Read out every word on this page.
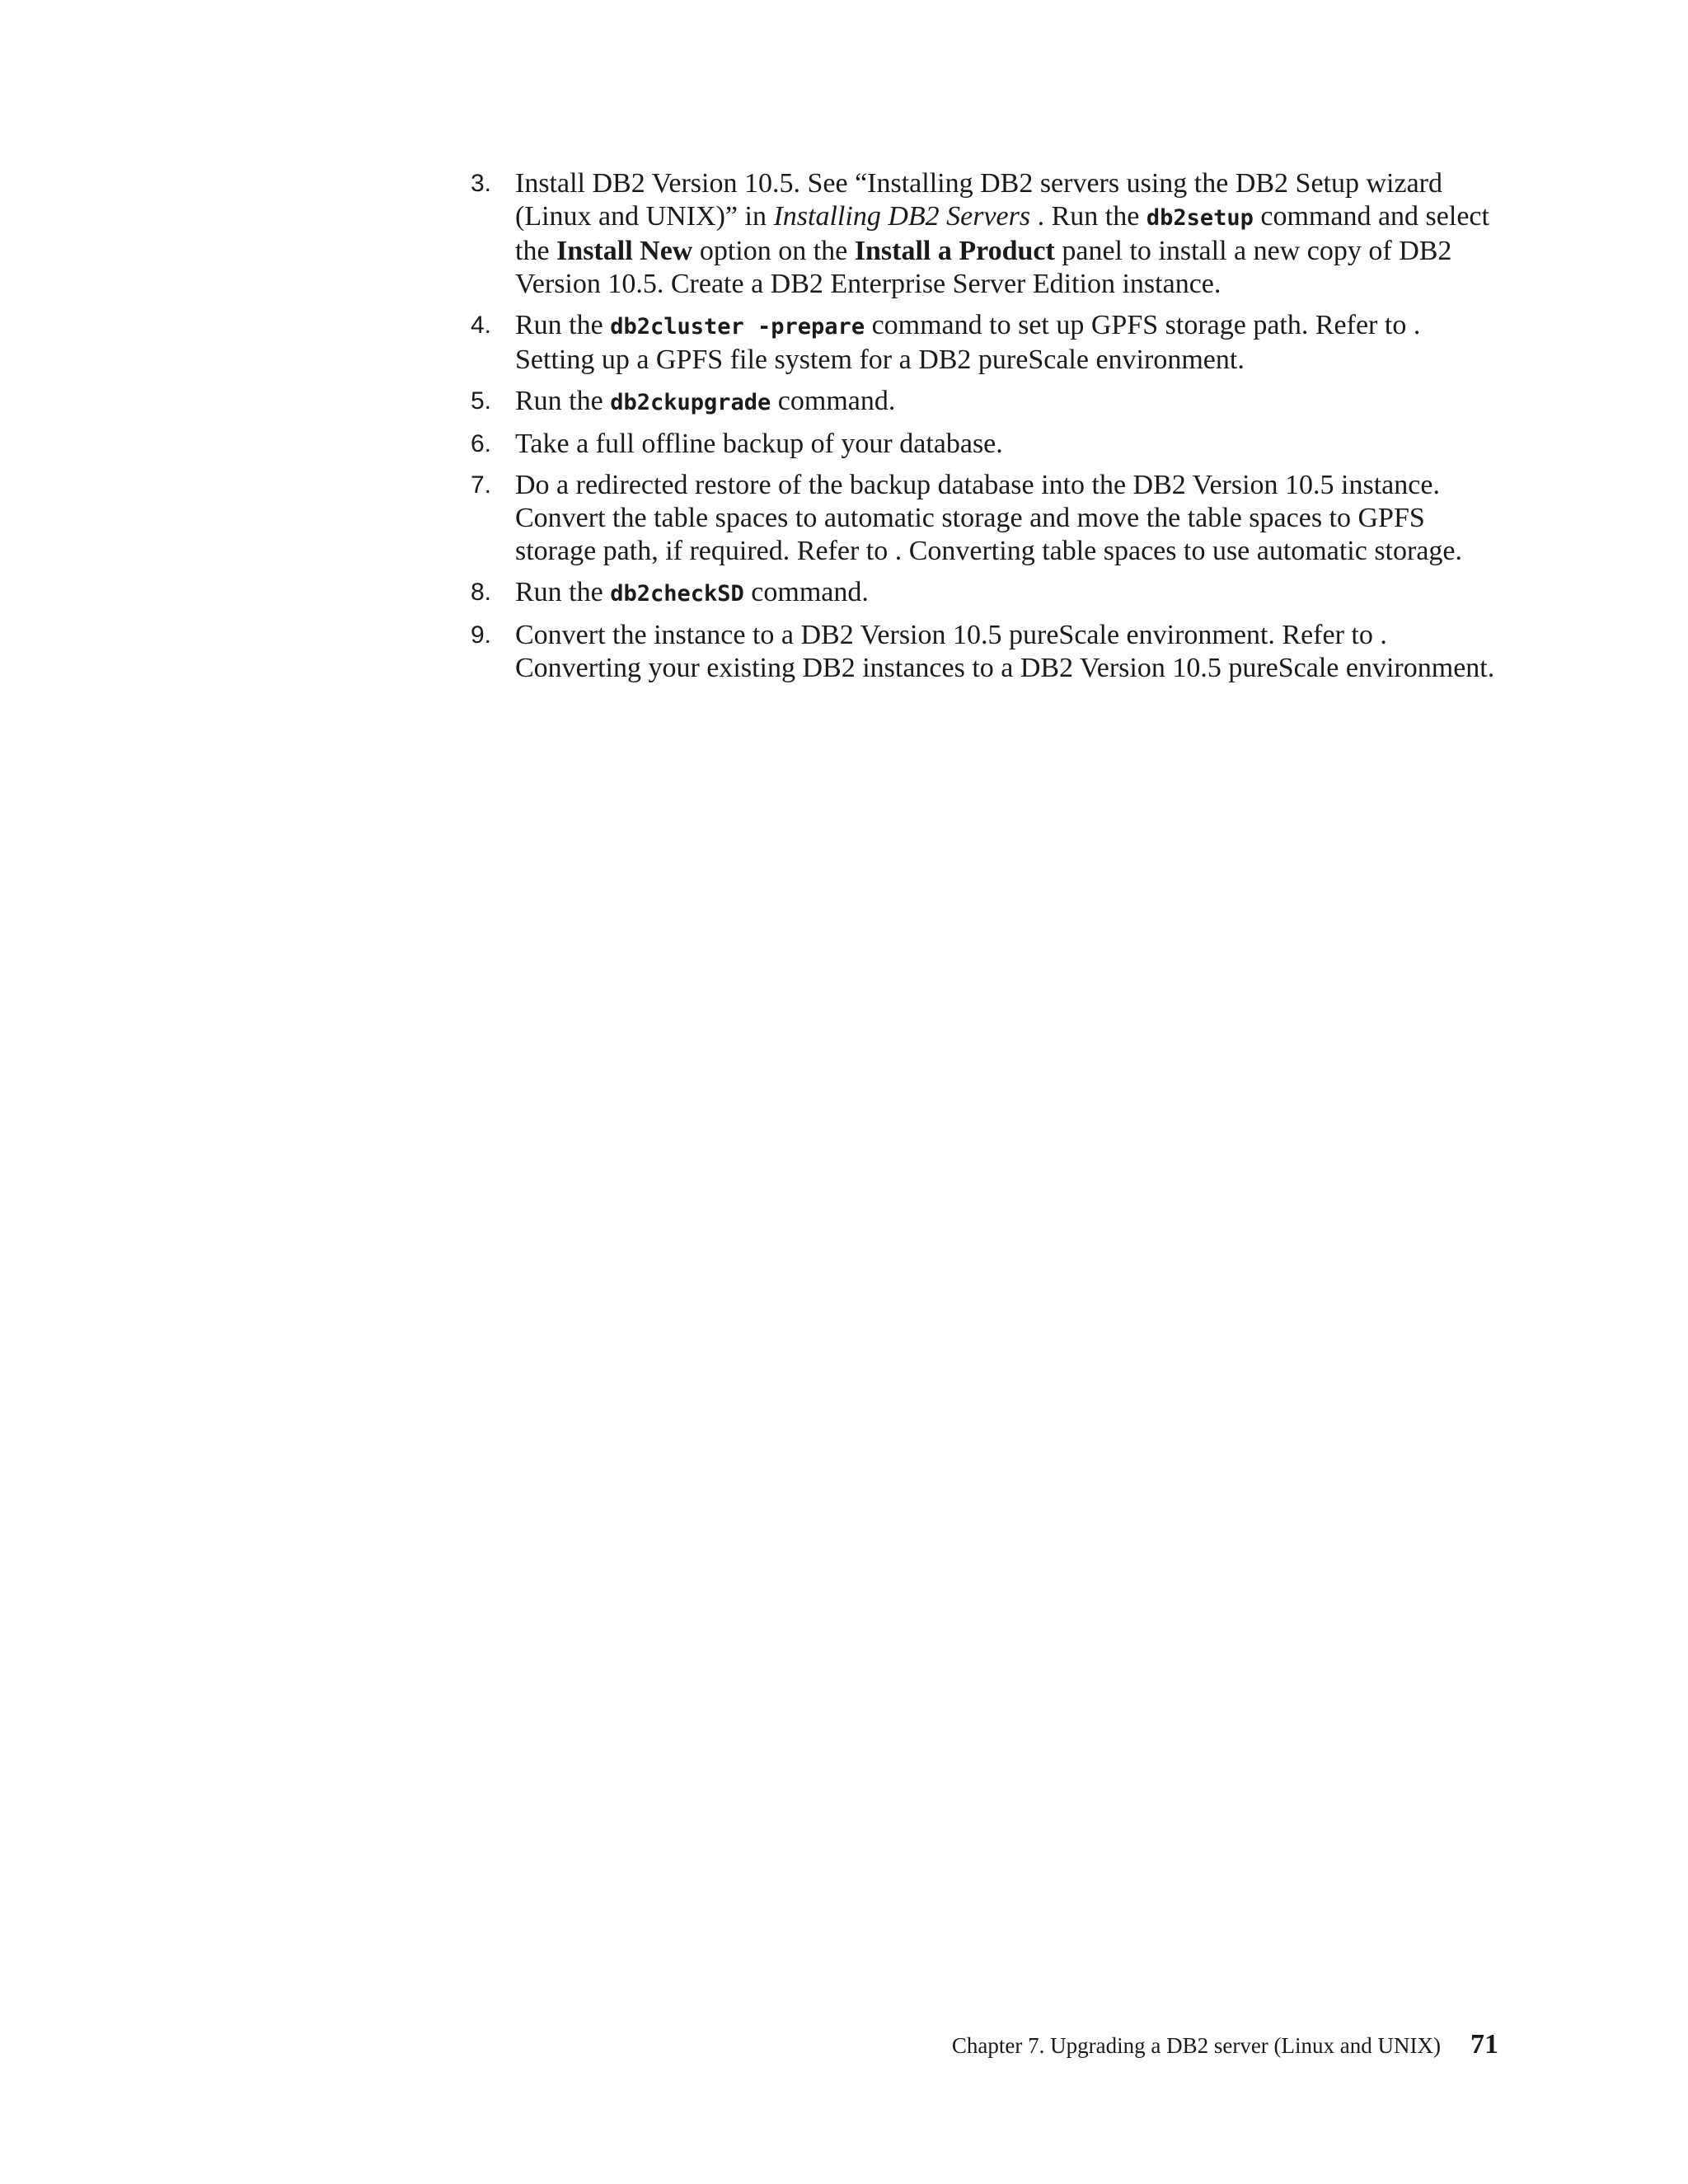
3. Install DB2 Version 10.5. See “Installing DB2 servers using the DB2 Setup wizard (Linux and UNIX)” in Installing DB2 Servers . Run the db2setup command and select the Install New option on the Install a Product panel to install a new copy of DB2 Version 10.5. Create a DB2 Enterprise Server Edition instance.
4. Run the db2cluster -prepare command to set up GPFS storage path. Refer to . Setting up a GPFS file system for a DB2 pureScale environment.
5. Run the db2ckupgrade command.
6. Take a full offline backup of your database.
7. Do a redirected restore of the backup database into the DB2 Version 10.5 instance. Convert the table spaces to automatic storage and move the table spaces to GPFS storage path, if required. Refer to . Converting table spaces to use automatic storage.
8. Run the db2checkSD command.
9. Convert the instance to a DB2 Version 10.5 pureScale environment. Refer to . Converting your existing DB2 instances to a DB2 Version 10.5 pureScale environment.
Chapter 7. Upgrading a DB2 server (Linux and UNIX) 71
